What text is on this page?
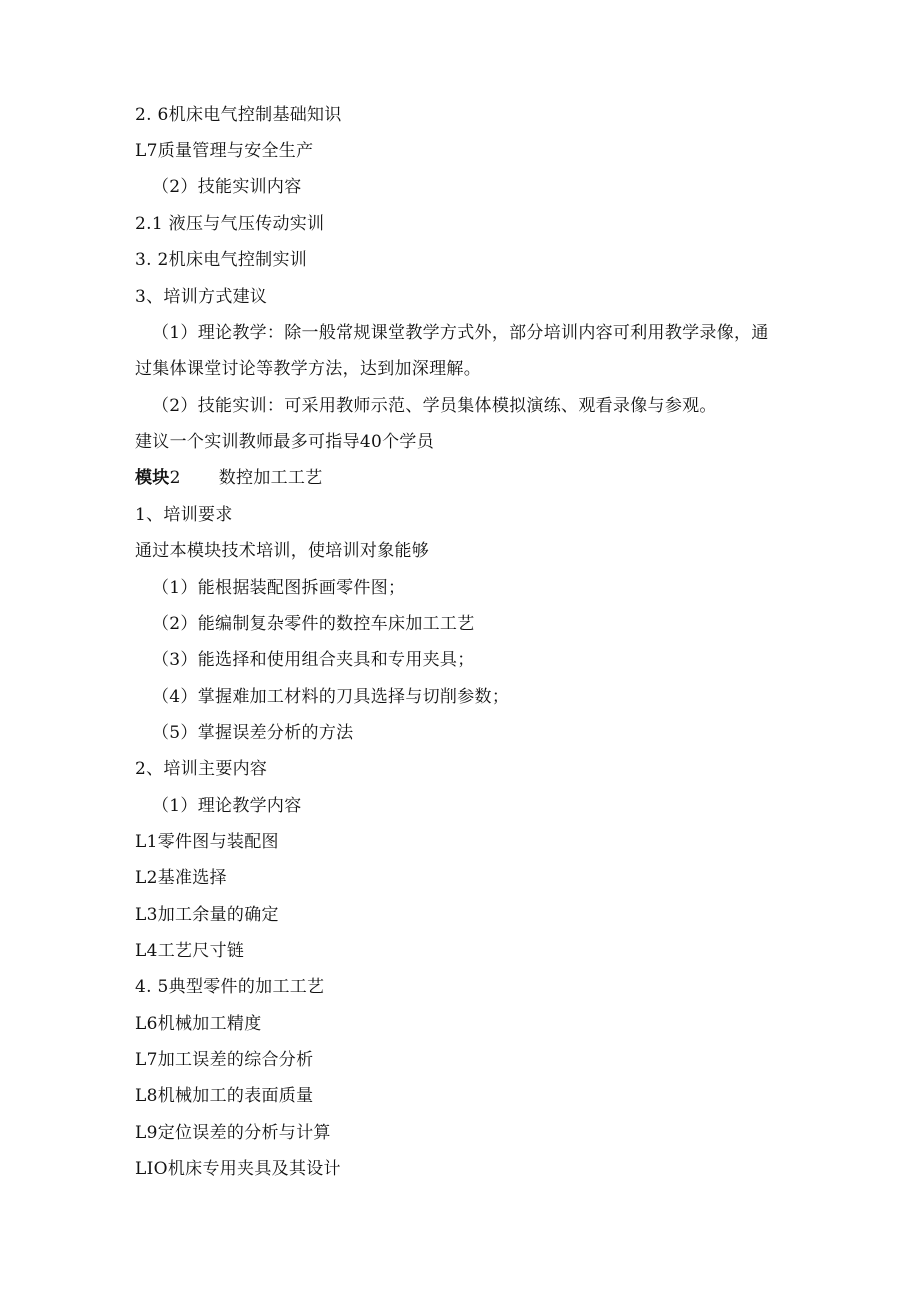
2. 6机床电气控制基础知识
L7质量管理与安全生产
（2）技能实训内容
2.1 液压与气压传动实训
3. 2机床电气控制实训
3、培训方式建议
（1）理论教学：除一般常规课堂教学方式外，部分培训内容可利用教学录像，通
过集体课堂讨论等教学方法，达到加深理解。
（2）技能实训：可采用教师示范、学员集体模拟演练、观看录像与参观。
建议一个实训教师最多可指导40个学员
模块2 数控加工工艺
1、培训要求
通过本模块技术培训，使培训对象能够
（1）能根据装配图拆画零件图；
（2）能编制复杂零件的数控车床加工工艺
（3）能选择和使用组合夹具和专用夹具；
（4）掌握难加工材料的刀具选择与切削参数；
（5）掌握误差分析的方法
2、培训主要内容
（1）理论教学内容
L1零件图与装配图
L2基准选择
L3加工余量的确定
L4工艺尺寸链
4. 5典型零件的加工工艺
L6机械加工精度
L7加工误差的综合分析
L8机械加工的表面质量
L9定位误差的分析与计算
LIO机床专用夹具及其设计
